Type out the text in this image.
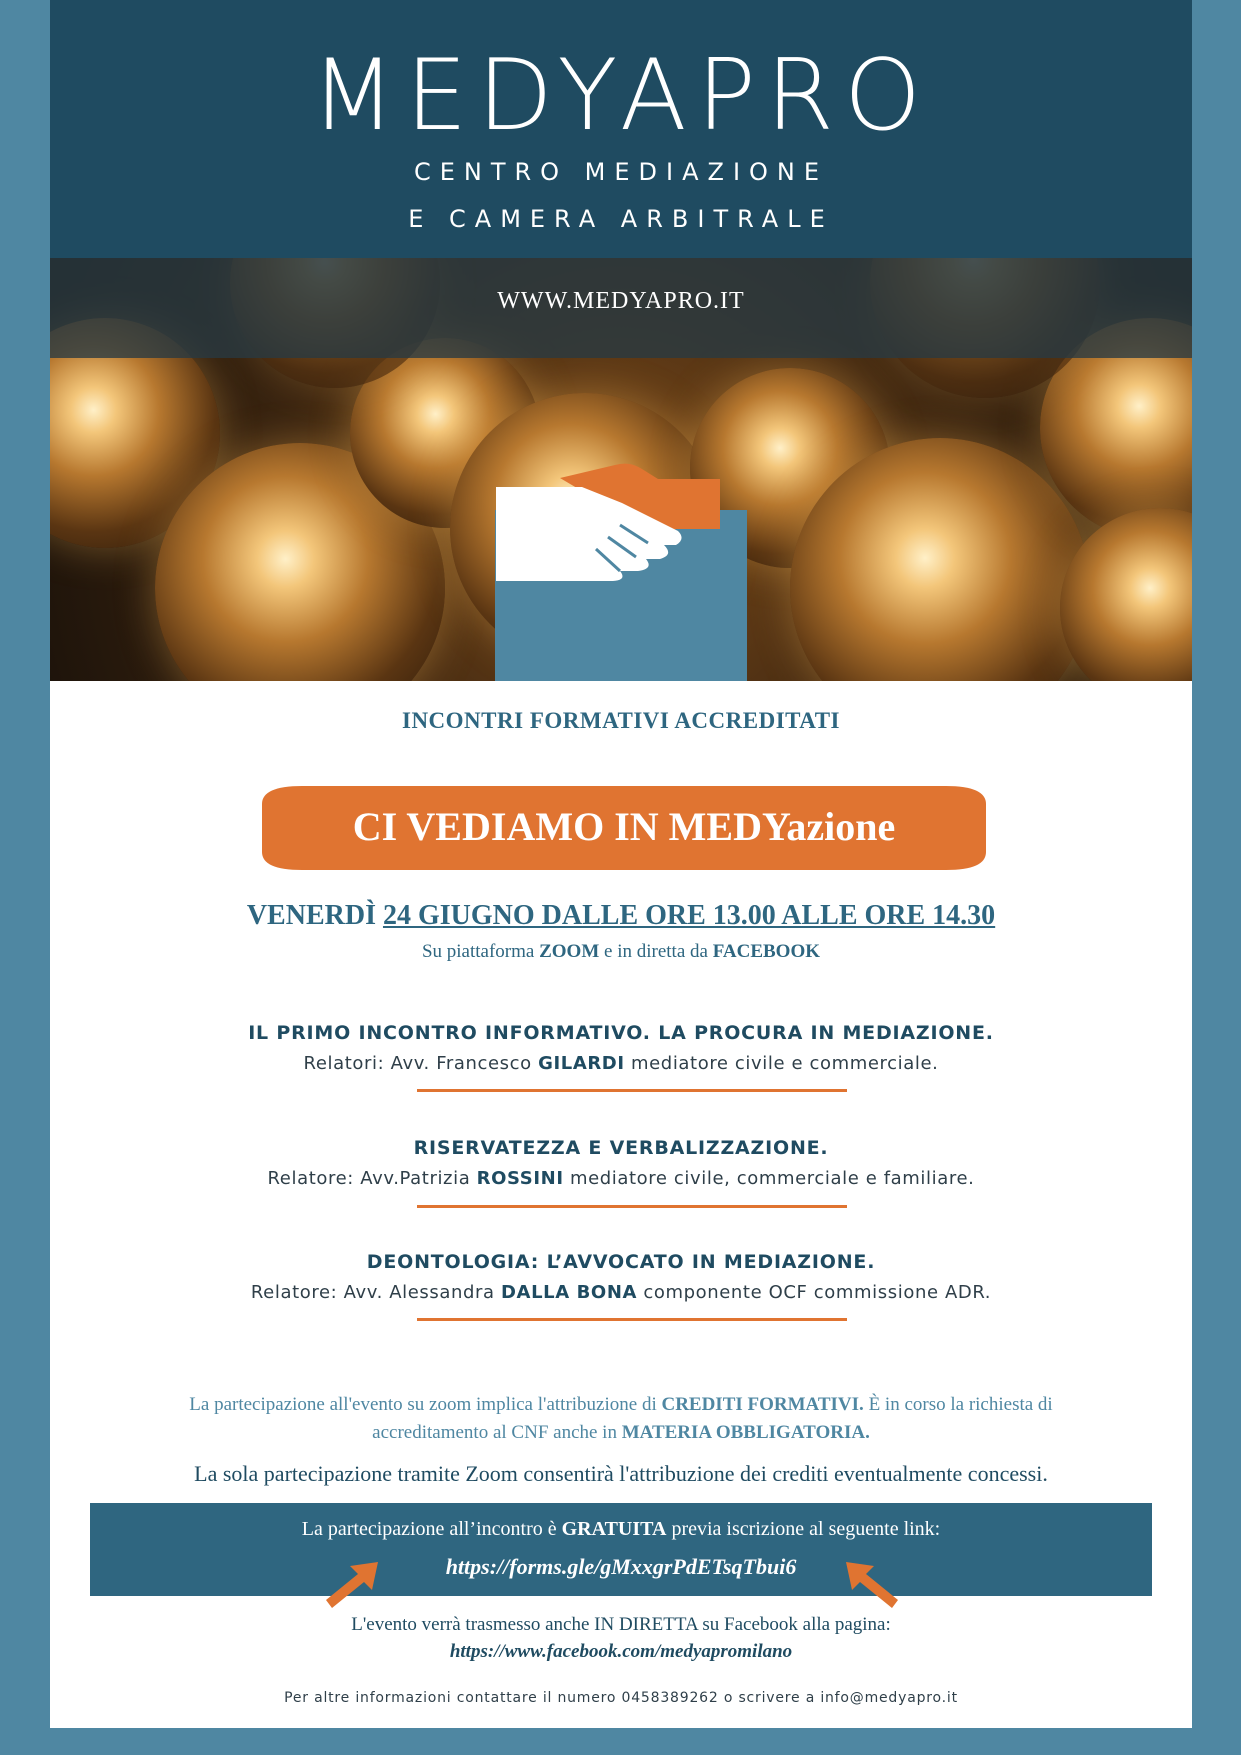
MEDYAPRO
CENTRO MEDIAZIONE
E CAMERA ARBITRALE
WWW.MEDYAPRO.IT
INCONTRI FORMATIVI ACCREDITATI
CI VEDIAMO IN MEDYazione
VENERDÌ 24 GIUGNO DALLE ORE 13.00 ALLE ORE 14.30
Su piattaforma ZOOM e in diretta da FACEBOOK
IL PRIMO INCONTRO INFORMATIVO. LA PROCURA IN MEDIAZIONE.
Relatori: Avv. Francesco GILARDI mediatore civile e commerciale.
RISERVATEZZA E VERBALIZZAZIONE.
Relatore: Avv.Patrizia ROSSINI mediatore civile, commerciale e familiare.
DEONTOLOGIA: L’AVVOCATO IN MEDIAZIONE.
Relatore: Avv. Alessandra DALLA BONA componente OCF commissione ADR.
La partecipazione all'evento su zoom implica l'attribuzione di CREDITI FORMATIVI. È in corso la richiesta di accreditamento al CNF anche in MATERIA OBBLIGATORIA.
La sola partecipazione tramite Zoom consentirà l'attribuzione dei crediti eventualmente concessi.
La partecipazione all’incontro è GRATUITA previa iscrizione al seguente link:
https://forms.gle/gMxxgrPdETsqTbui6
L'evento verrà trasmesso anche IN DIRETTA su Facebook alla pagina:
https://www.facebook.com/medyapromilano
Per altre informazioni contattare il numero 0458389262 o scrivere a info@medyapro.it
